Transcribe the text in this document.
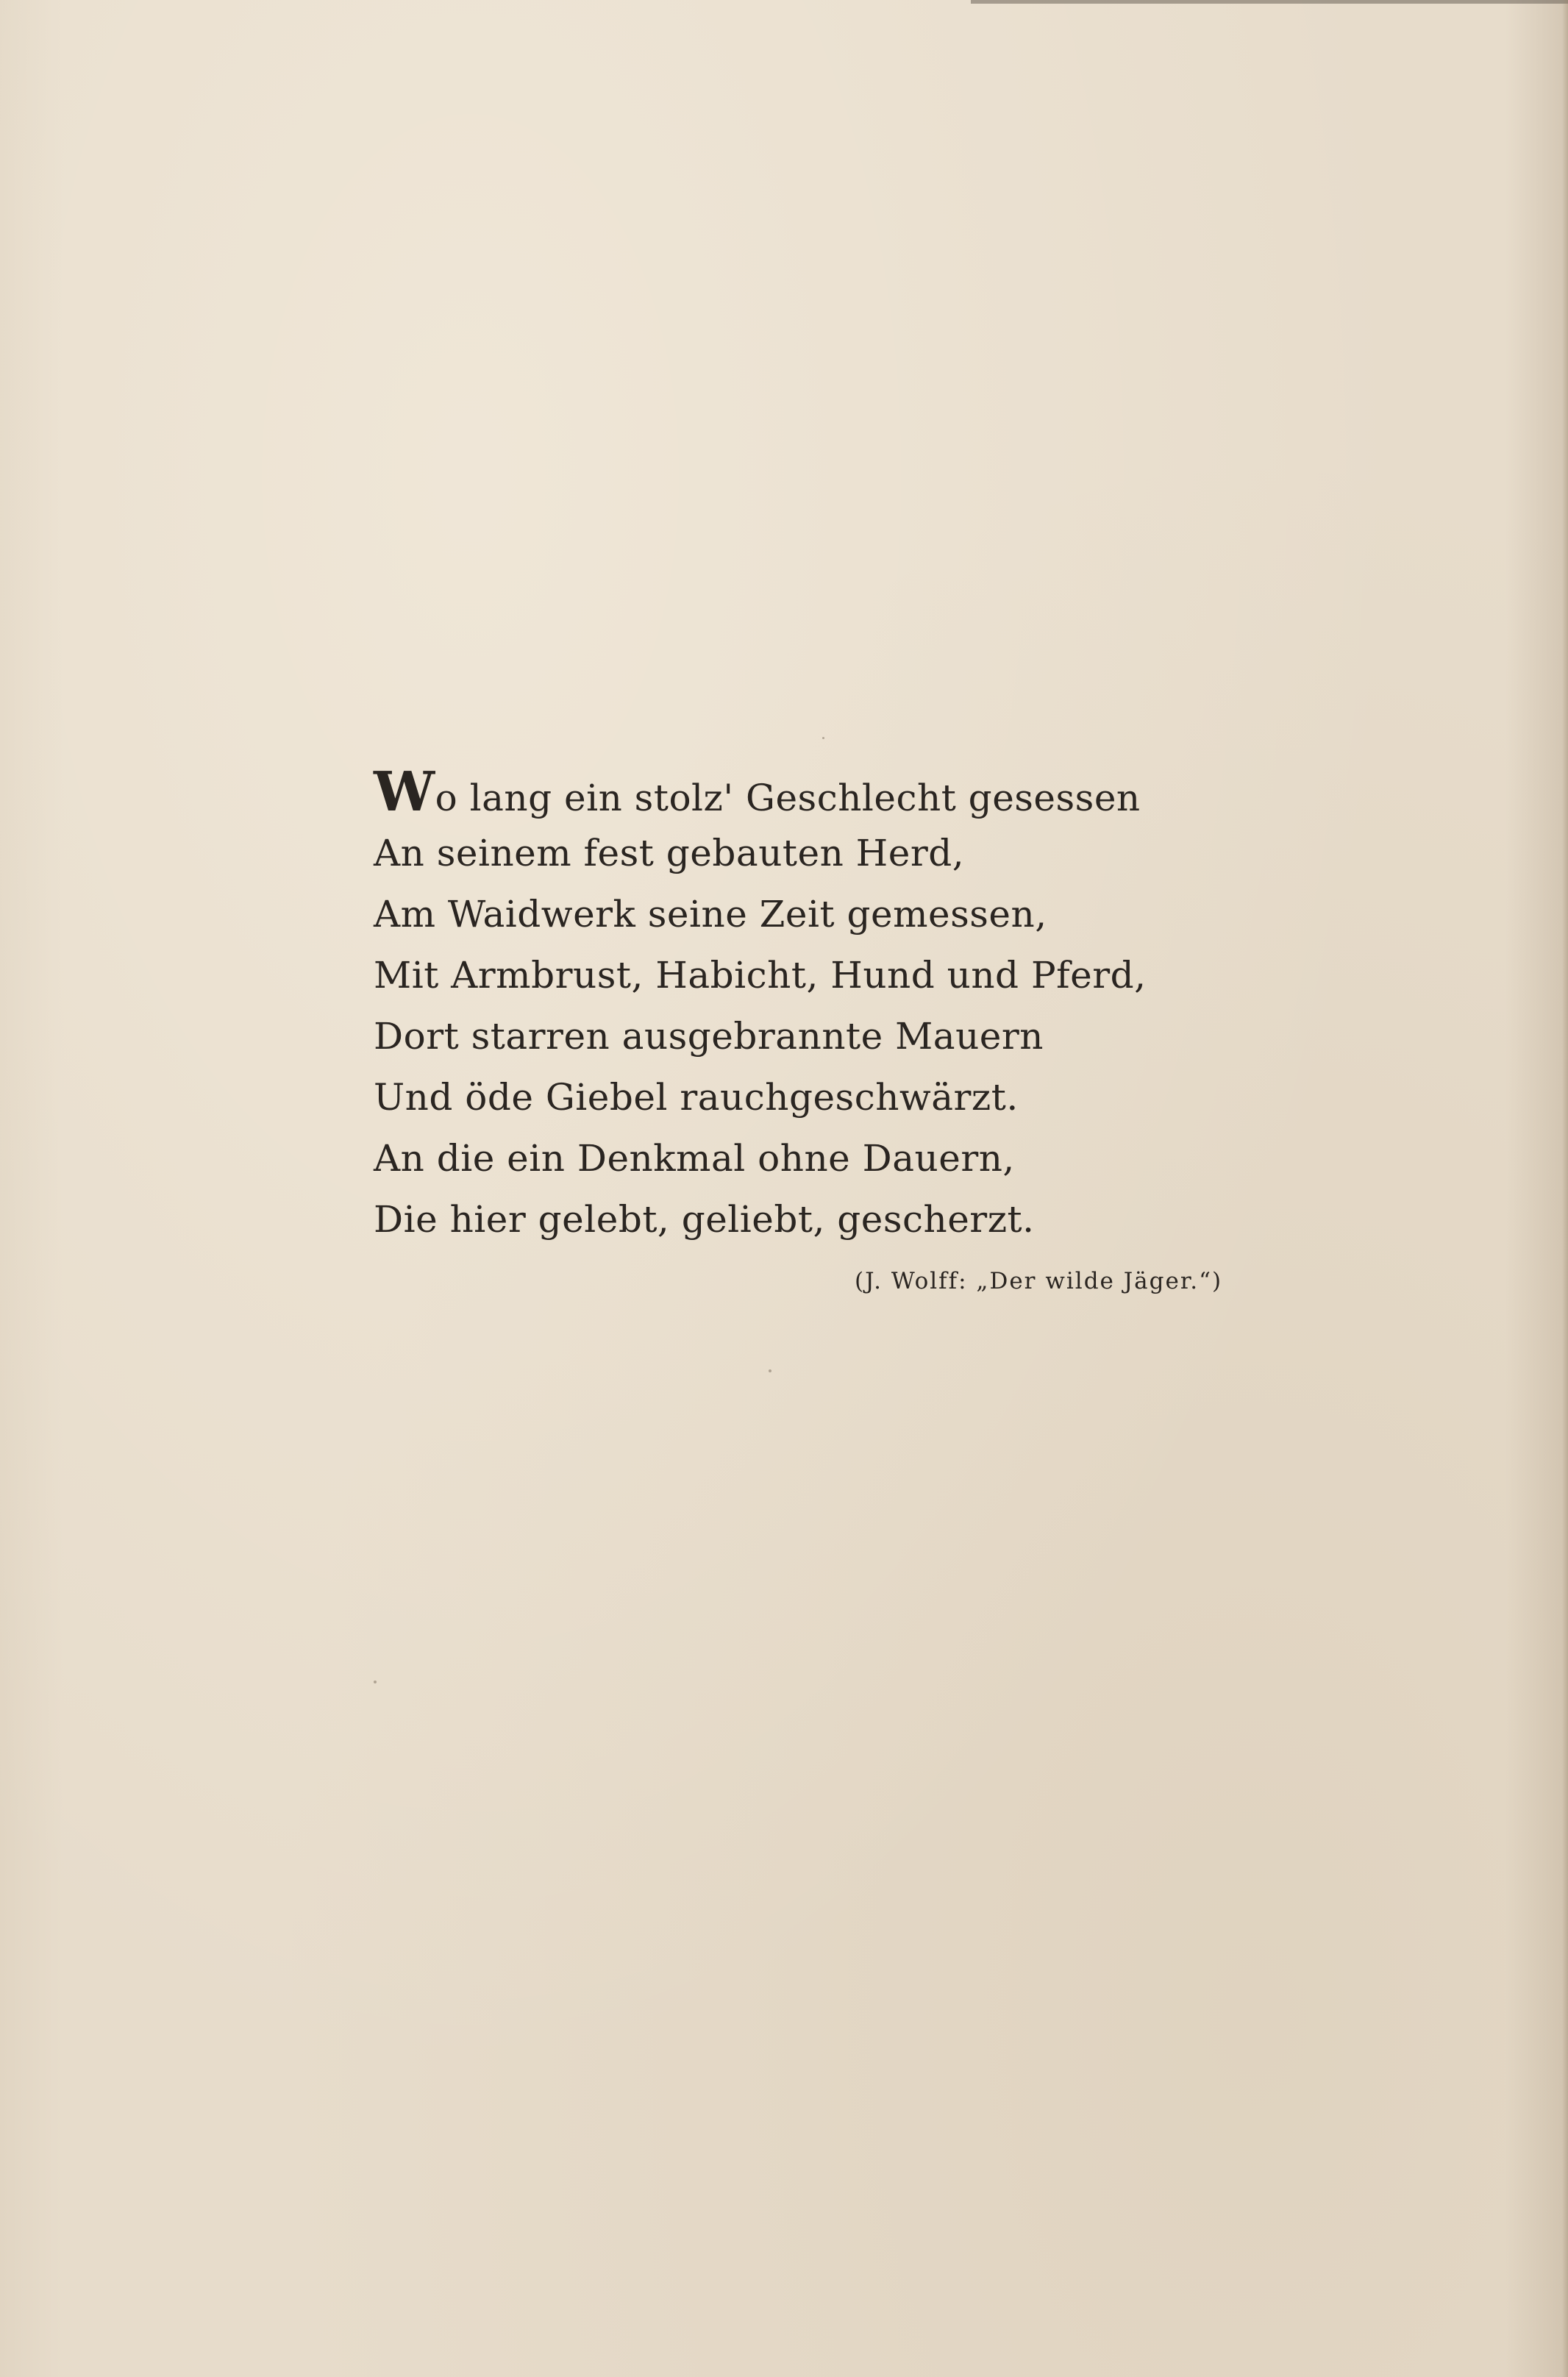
Wo lang ein stolz' Geschlecht gesessen
An seinem fest gebauten Herd,
Am Waidwerk seine Zeit gemessen,
Mit Armbrust, Habicht, Hund und Pferd,
Dort starren ausgebrannte Mauern
Und öde Giebel rauchgeschwärzt.
An die ein Denkmal ohne Dauern,
Die hier gelebt, geliebt, gescherzt.
(J. Wolff: „Der wilde Jäger.“)
